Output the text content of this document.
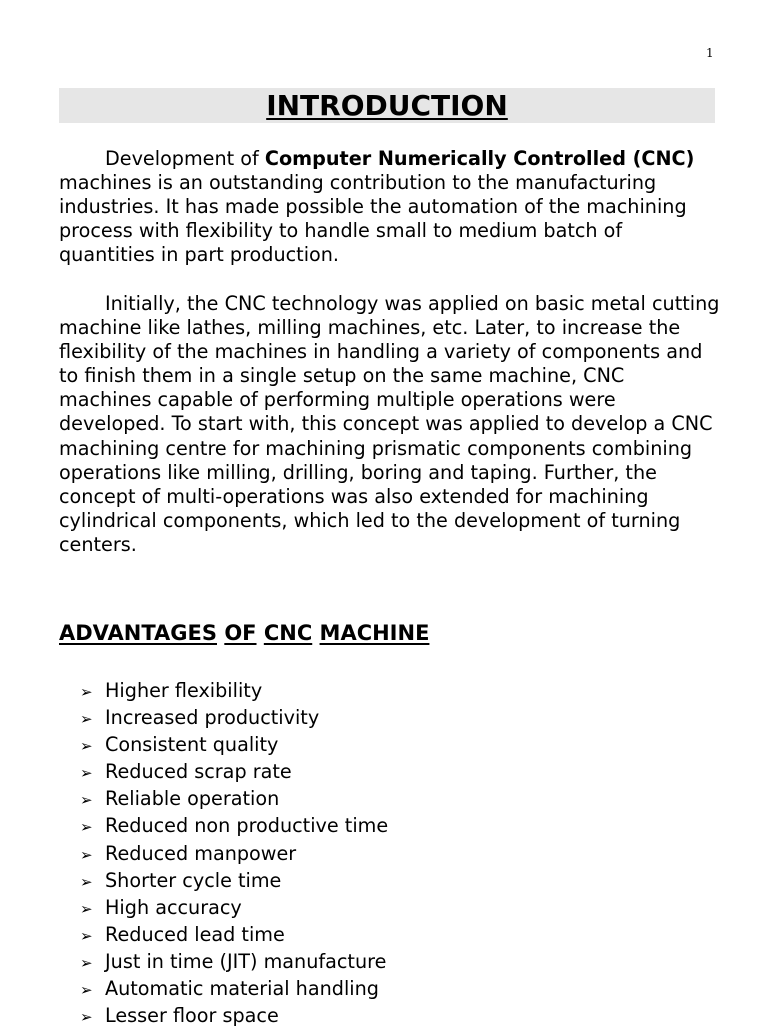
1
INTRODUCTION

Development of Computer Numerically Controlled (CNC) machines is an outstanding contribution to the manufacturing industries. It has made possible the automation of the machining process with flexibility to handle small to medium batch of quantities in part production.

Initially, the CNC technology was applied on basic metal cutting machine like lathes, milling machines, etc. Later, to increase the flexibility of the machines in handling a variety of components and to finish them in a single setup on the same machine, CNC machines capable of performing multiple operations were developed. To start with, this concept was applied to develop a CNC machining centre for machining prismatic components combining operations like milling, drilling, boring and taping. Further, the concept of multi-operations was also extended for machining cylindrical components, which led to the development of turning centers.

ADVANTAGES OF CNC MACHINE
➢ Higher flexibility
➢ Increased productivity
➢ Consistent quality
➢ Reduced scrap rate
➢ Reliable operation
➢ Reduced non productive time
➢ Reduced manpower
➢ Shorter cycle time
➢ High accuracy
➢ Reduced lead time
➢ Just in time (JIT) manufacture
➢ Automatic material handling
➢ Lesser floor space
